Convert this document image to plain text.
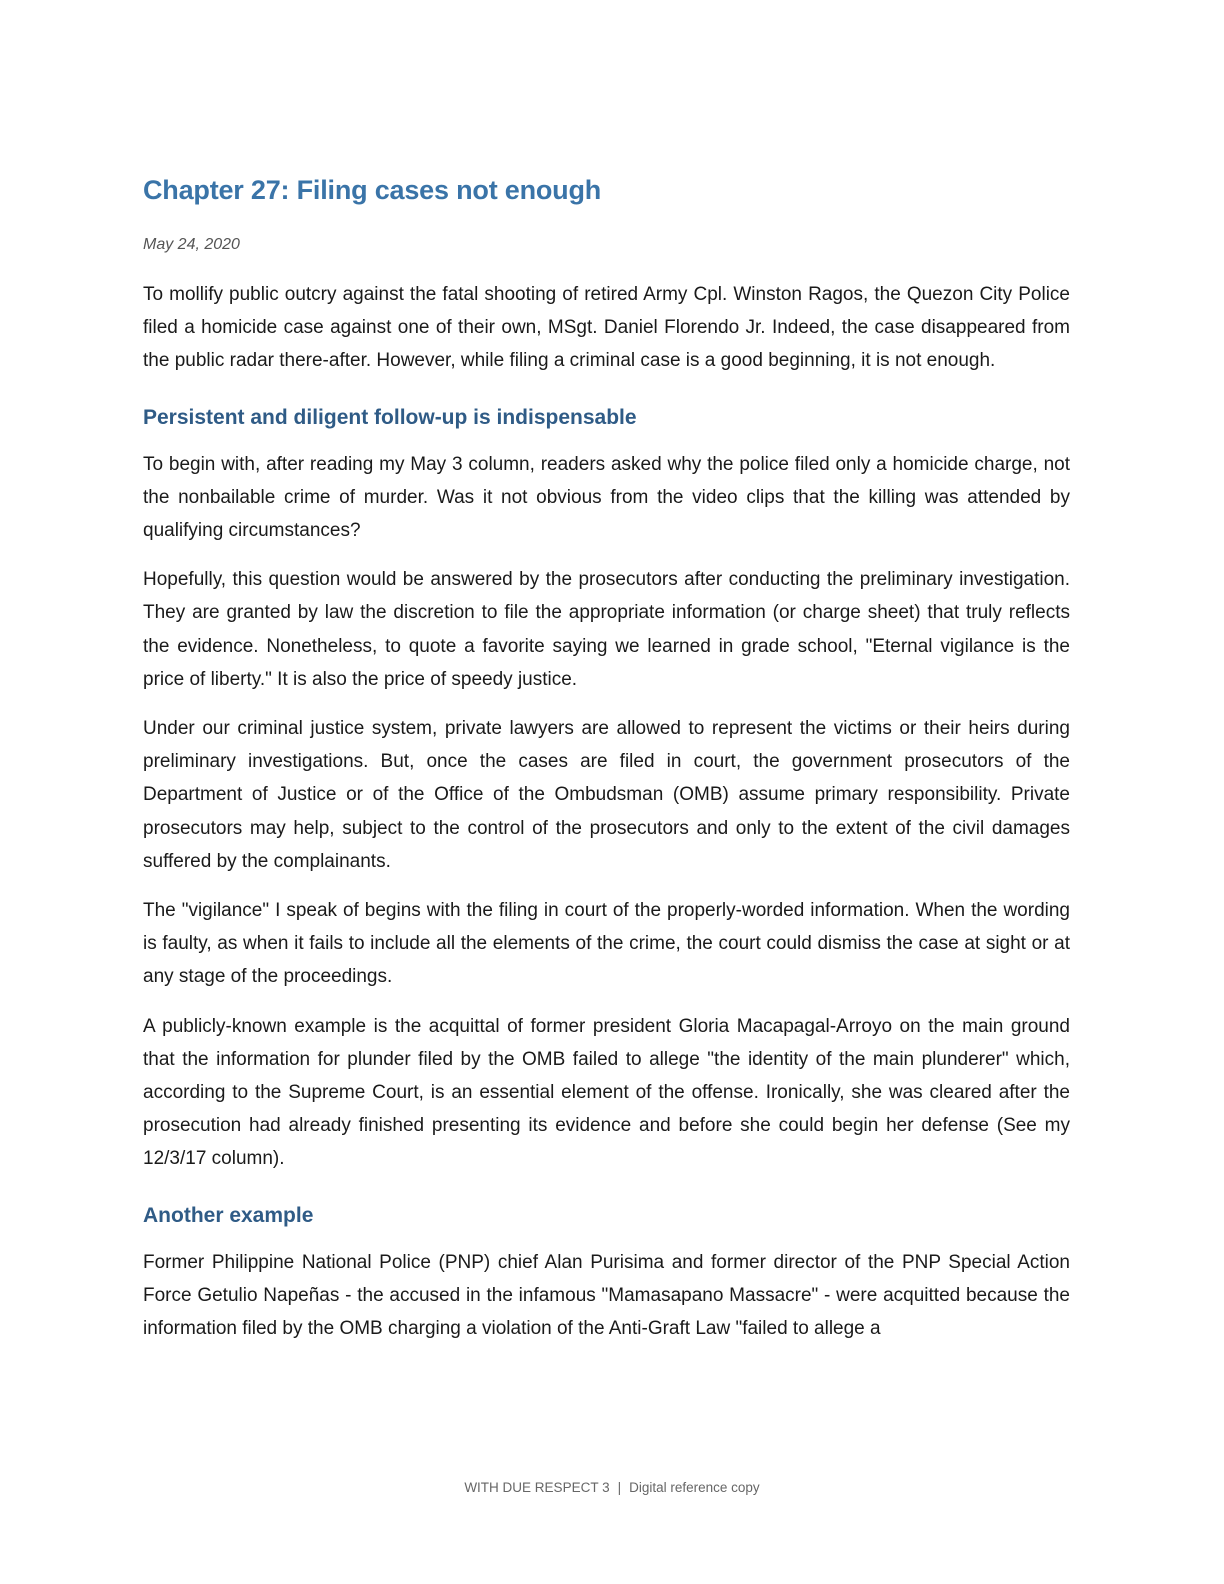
Chapter 27: Filing cases not enough
May 24, 2020

To mollify public outcry against the fatal shooting of retired Army Cpl. Winston Ragos, the Quezon City Police filed a homicide case against one of their own, MSgt. Daniel Florendo Jr. Indeed, the case disappeared from the public radar there-after. However, while filing a criminal case is a good beginning, it is not enough.

Persistent and diligent follow-up is indispensable

To begin with, after reading my May 3 column, readers asked why the police filed only a homicide charge, not the nonbailable crime of murder. Was it not obvious from the video clips that the killing was attended by qualifying circumstances?

Hopefully, this question would be answered by the prosecutors after conducting the preliminary investigation. They are granted by law the discretion to file the appropriate information (or charge sheet) that truly reflects the evidence. Nonetheless, to quote a favorite saying we learned in grade school, "Eternal vigilance is the price of liberty." It is also the price of speedy justice.

Under our criminal justice system, private lawyers are allowed to represent the victims or their heirs during preliminary investigations. But, once the cases are filed in court, the government prosecutors of the Department of Justice or of the Office of the Ombudsman (OMB) assume primary responsibility. Private prosecutors may help, subject to the control of the prosecutors and only to the extent of the civil damages suffered by the complainants.

The "vigilance" I speak of begins with the filing in court of the properly-worded information. When the wording is faulty, as when it fails to include all the elements of the crime, the court could dismiss the case at sight or at any stage of the proceedings.

A publicly-known example is the acquittal of former president Gloria Macapagal-Arroyo on the main ground that the information for plunder filed by the OMB failed to allege "the identity of the main plunderer" which, according to the Supreme Court, is an essential element of the offense. Ironically, she was cleared after the prosecution had already finished presenting its evidence and before she could begin her defense (See my 12/3/17 column).

Another example

Former Philippine National Police (PNP) chief Alan Purisima and former director of the PNP Special Action Force Getulio Napeñas - the accused in the infamous "Mamasapano Massacre" - were acquitted because the information filed by the OMB charging a violation of the Anti-Graft Law "failed to allege a

WITH DUE RESPECT 3 | Digital reference copy
